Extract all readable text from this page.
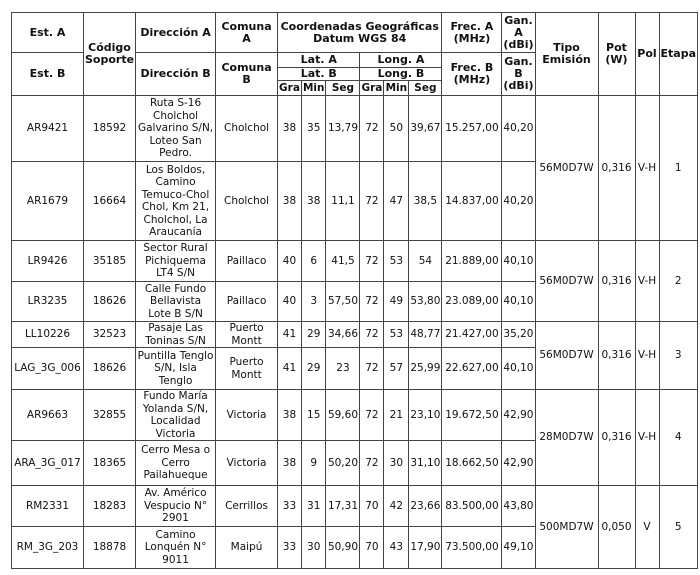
Est. A	Código Soporte	Dirección A	Comuna A	Coordenadas Geográficas Datum WGS 84						Frec. A (MHz)	Gan. A (dBi)	Tipo Emisión	Pot (W)	Pol	Etapa
Est. B		Dirección B	Comuna B	Lat. A			Long. A			Frec. B (MHz)	Gan. B (dBi)				
				Lat. B			Long. B								
				Gra	Min	Seg	Gra	Min	Seg						
AR9421	18592	Ruta S-16 Cholchol Galvarino S/N, Loteo San Pedro.	Cholchol	38	35	13,79	72	50	39,67	15.257,00	40,20	56M0D7W	0,316	V-H	1
AR1679	16664	Los Boldos, Camino Temuco-Chol Chol, Km 21, Cholchol, La Araucanía	Cholchol	38	38	11,1	72	47	38,5	14.837,00	40,20				
LR9426	35185	Sector Rural Pichiquema LT4 S/N	Paillaco	40	6	41,5	72	53	54	21.889,00	40,10	56M0D7W	0,316	V-H	2
LR3235	18626	Calle Fundo Bellavista Lote B S/N	Paillaco	40	3	57,50	72	49	53,80	23.089,00	40,10				
LL10226	32523	Pasaje Las Toninas S/N	Puerto Montt	41	29	34,66	72	53	48,77	21.427,00	35,20	56M0D7W	0,316	V-H	3
LAG_3G_006	18626	Puntilla Tenglo S/N, Isla Tenglo	Puerto Montt	41	29	23	72	57	25,99	22.627,00	40,10				
AR9663	32855	Fundo María Yolanda S/N, Localidad Victoria	Victoria	38	15	59,60	72	21	23,10	19.672,50	42,90	28M0D7W	0,316	V-H	4
ARA_3G_017	18365	Cerro Mesa o Cerro Pailahueque	Victoria	38	9	50,20	72	30	31,10	18.662,50	42,90				
RM2331	18283	Av. Américo Vespucio N° 2901	Cerrillos	33	31	17,31	70	42	23,66	83.500,00	43,80	500MD7W	0,050	V	5
RM_3G_203	18878	Camino Lonquén N° 9011	Maipú	33	30	50,90	70	43	17,90	73.500,00	49,10				
